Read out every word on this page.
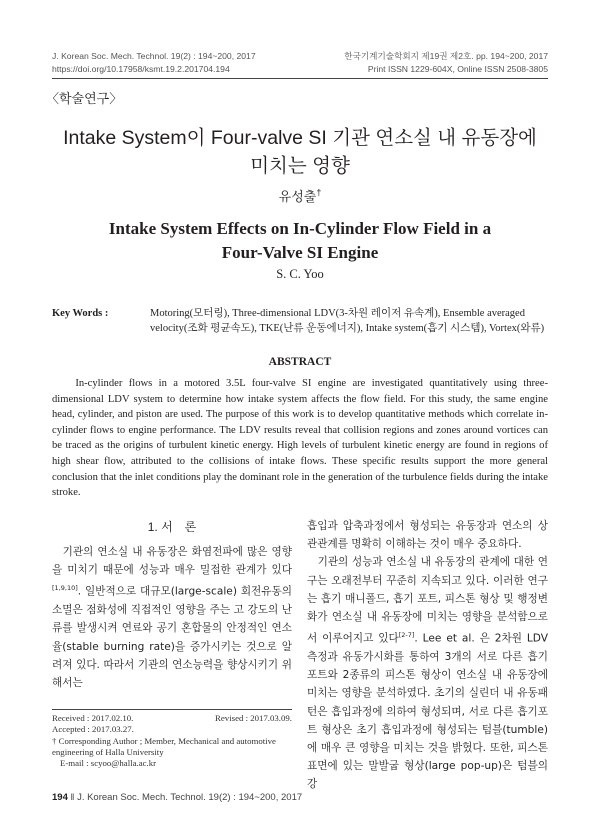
J. Korean Soc. Mech. Technol. 19(2) : 194~200, 2017
https://doi.org/10.17958/ksmt.19.2.201704.194
한국기계기술학회지 제19권 제2호. pp. 194~200, 2017
Print ISSN 1229-604X, Online ISSN 2508-3805
〈학술연구〉
Intake System이 Four-valve SI 기관 연소실 내 유동장에
미치는 영향
유성출†
Intake System Effects on In-Cylinder Flow Field in a
Four-Valve SI Engine
S. C. Yoo
Key Words :	Motoring(모터링), Three-dimensional LDV(3-차원 레이저 유속계), Ensemble averaged velocity(조화 평균속도), TKE(난류 운동에너지), Intake system(흡기 시스템), Vortex(와류)
ABSTRACT
In-cylinder flows in a motored 3.5L four-valve SI engine are investigated quantitatively using three-dimensional LDV system to determine how intake system affects the flow field. For this study, the same engine head, cylinder, and piston are used. The purpose of this work is to develop quantitative methods which correlate in-cylinder flows to engine performance. The LDV results reveal that collision regions and zones around vortices can be traced as the origins of turbulent kinetic energy. High levels of turbulent kinetic energy are found in regions of high shear flow, attributed to the collisions of intake flows. These specific results support the more general conclusion that the inlet conditions play the dominant role in the generation of the turbulence fields during the intake stroke.
1. 서　론

기관의 연소실 내 유동장은 화염전파에 많은 영향을 미치기 때문에 성능과 매우 밀접한 관계가 있다[1,9,10]. 일반적으로 대규모(large-scale) 회전유동의 소멸은 점화성에 직접적인 영향을 주는 고 강도의 난류를 발생시켜 연료와 공기 혼합물의 안정적인 연소율(stable burning rate)을 증가시키는 것으로 알려져 있다. 따라서 기관의 연소능력을 향상시키기 위해서는

Received : 2017.02.10.	Revised : 2017.03.09.
Accepted : 2017.03.27.
† Corresponding Author ; Member, Mechanical and automotive engineering of Halla University
E-mail : scyoo@halla.ac.kr

흡입과 압축과정에서 형성되는 유동장과 연소의 상관관계를 명확히 이해하는 것이 매우 중요하다.

기관의 성능과 연소실 내 유동장의 관계에 대한 연구는 오래전부터 꾸준히 지속되고 있다. 이러한 연구는 흡기 매니폴드, 흡기 포트, 피스톤 형상 및 행정변화가 연소실 내 유동장에 미치는 영향을 분석함으로서 이루어지고 있다[2-7]. Lee et al. 은 2차원 LDV 측정과 유동가시화를 통하여 3개의 서로 다른 흡기포트와 2종류의 피스톤 형상이 연소실 내 유동장에 미치는 영향을 분석하였다. 초기의 실린더 내 유동패턴은 흡입과정에 의하여 형성되며, 서로 다른 흡기포트 형상은 초기 흡입과정에 형성되는 텀블(tumble)에 매우 큰 영향을 미치는 것을 밝혔다. 또한, 피스톤 표면에 있는 말발굽 형상(large pop-up)은 텀블의 강

194 ‖ J. Korean Soc. Mech. Technol. 19(2) : 194~200, 2017
